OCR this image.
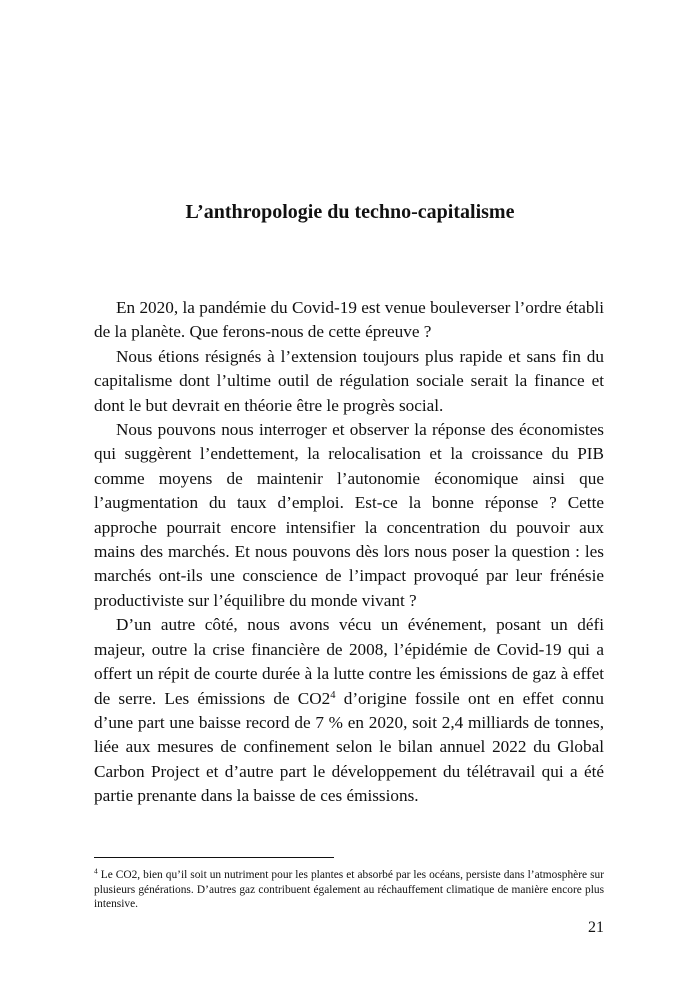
L’anthropologie du techno-capitalisme

En 2020, la pandémie du Covid-19 est venue bouleverser l’ordre établi de la planète. Que ferons-nous de cette épreuve ?

Nous étions résignés à l’extension toujours plus rapide et sans fin du capitalisme dont l’ultime outil de régulation sociale serait la finance et dont le but devrait en théorie être le progrès social.

Nous pouvons nous interroger et observer la réponse des économistes qui suggèrent l’endettement, la relocalisation et la croissance du PIB comme moyens de maintenir l’autonomie économique ainsi que l’augmentation du taux d’emploi. Est-ce la bonne réponse ? Cette approche pourrait encore intensifier la concentration du pouvoir aux mains des marchés. Et nous pouvons dès lors nous poser la question : les marchés ont-ils une conscience de l’impact provoqué par leur frénésie productiviste sur l’équilibre du monde vivant ?

D’un autre côté, nous avons vécu un événement, posant un défi majeur, outre la crise financière de 2008, l’épidémie de Covid-19 qui a offert un répit de courte durée à la lutte contre les émissions de gaz à effet de serre. Les émissions de $CO2^4$ d’origine fossile ont en effet connu d’une part une baisse record de 7 % en 2020, soit 2,4 milliards de tonnes, liée aux mesures de confinement selon le bilan annuel 2022 du Global Carbon Project et d’autre part le développement du télétravail qui a été partie prenante dans la baisse de ces émissions.

$^4$ Le CO2, bien qu’il soit un nutriment pour les plantes et absorbé par les océans, persiste dans l’atmosphère sur plusieurs générations. D’autres gaz contribuent également au réchauffement climatique de manière encore plus intensive.

21
